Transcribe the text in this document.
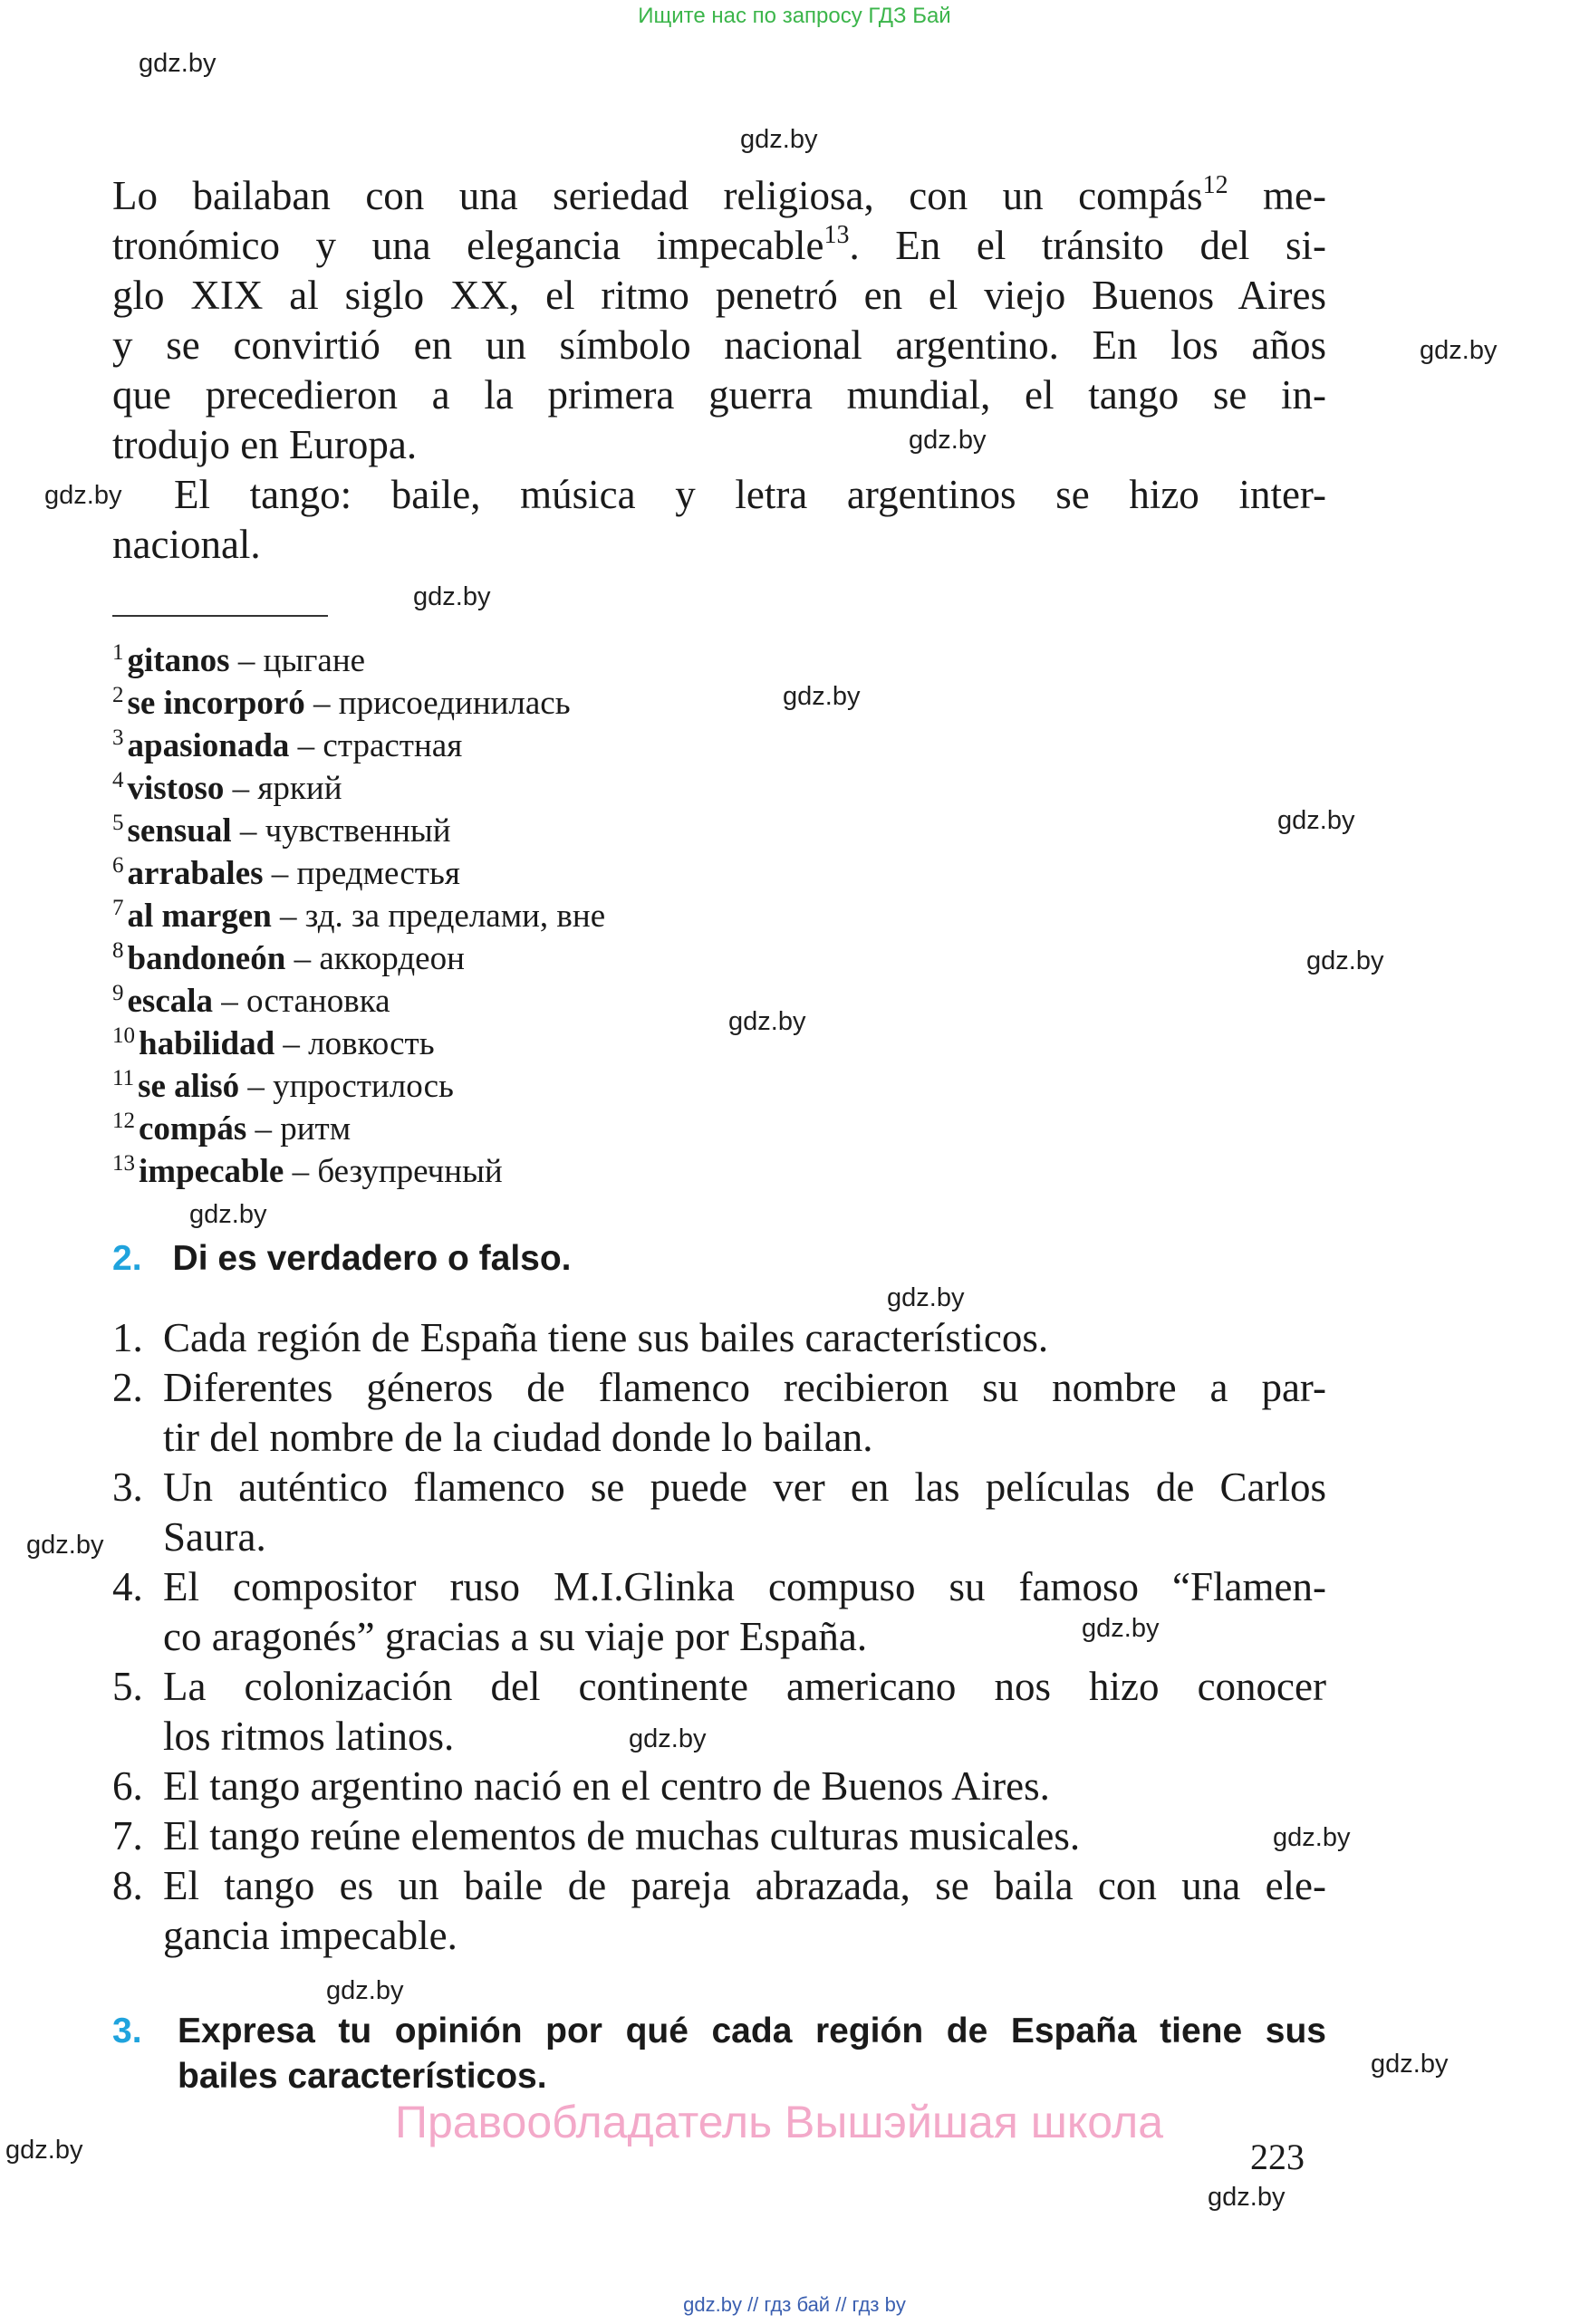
Ищите нас по запросу ГДЗ Бай
gdz.by
gdz.by
gdz.by
gdz.by
gdz.by
gdz.by
gdz.by
gdz.by
gdz.by
gdz.by
gdz.by
gdz.by
gdz.by
gdz.by
gdz.by
gdz.by
gdz.by
gdz.by
gdz.by
gdz.by
Lo bailaban con una seriedad religiosa, con un compás$^{12}$ me-
tronómico y una elegancia impecable$^{13}$. En el tránsito del si-
glo XIX al siglo XX, el ritmo penetró en el viejo Buenos Aires
y se convirtió en un símbolo nacional argentino. En los años
que precedieron a la primera guerra mundial, el tango se in-
trodujo en Europa.
El tango: baile, música y letra argentinos se hizo inter-
nacional.
$^1$ gitanos – цыгане
$^2$ se incorporó – присоединилась
$^3$ apasionada – страстная
$^4$ vistoso – яркий
$^5$ sensual – чувственный
$^6$ arrabales – предместья
$^7$ al margen – зд. за пределами, вне
$^8$ bandoneón – аккордеон
$^9$ escala – остановка
$^{10}$ habilidad – ловкость
$^{11}$ se alisó – упростилось
$^{12}$ compás – ритм
$^{13}$ impecable – безупречный
2. Di es verdadero o falso.
1. Cada región de España tiene sus bailes característicos.
2. Diferentes géneros de flamenco recibieron su nombre a par-
tir del nombre de la ciudad donde lo bailan.
3. Un auténtico flamenco se puede ver en las películas de Carlos
Saura.
4. El compositor ruso M.I.Glinka compuso su famoso “Flamen-
co aragonés” gracias a su viaje por España.
5. La colonización del continente americano nos hizo conocer
los ritmos latinos.
6. El tango argentino nació en el centro de Buenos Aires.
7. El tango reúne elementos de muchas culturas musicales.
8. El tango es un baile de pareja abrazada, se baila con una ele-
gancia impecable.
3. Expresa tu opinión por qué cada región de España tiene sus
bailes característicos.
Правообладатель Вышэйшая школа
223
gdz.by // гдз бай // гдз by
